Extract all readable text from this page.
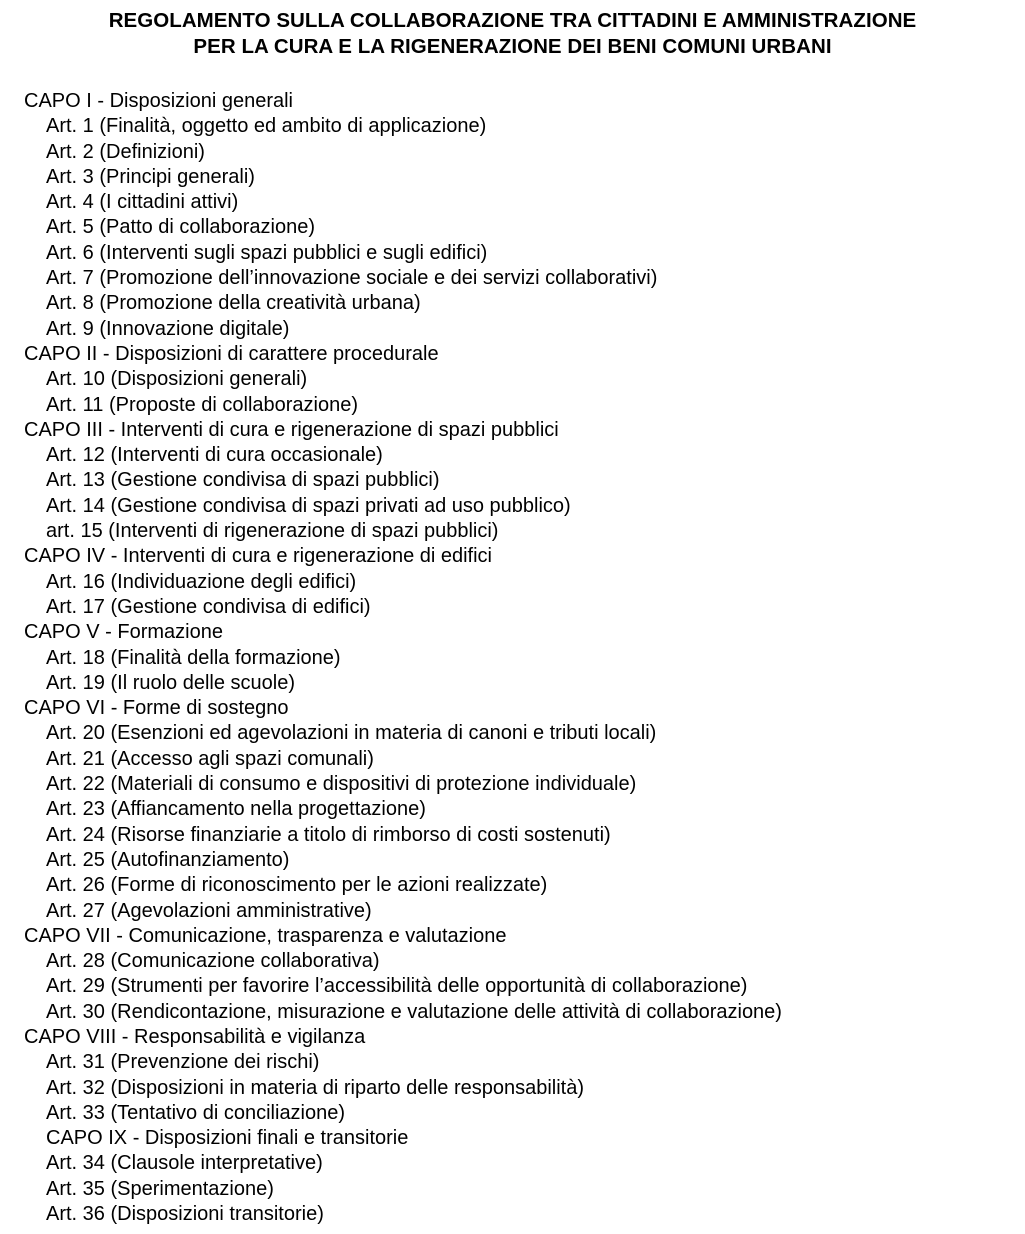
REGOLAMENTO SULLA COLLABORAZIONE TRA CITTADINI E AMMINISTRAZIONE
PER LA CURA E LA RIGENERAZIONE DEI BENI COMUNI URBANI
CAPO I - Disposizioni generali
Art. 1 (Finalità, oggetto ed ambito di applicazione)
Art. 2 (Definizioni)
Art. 3 (Principi generali)
Art. 4 (I cittadini attivi)
Art. 5 (Patto di collaborazione)
Art. 6 (Interventi sugli spazi pubblici e sugli edifici)
Art. 7 (Promozione dell’innovazione sociale e dei servizi collaborativi)
Art. 8 (Promozione della creatività urbana)
Art. 9 (Innovazione digitale)
CAPO II - Disposizioni di carattere procedurale
Art. 10 (Disposizioni generali)
Art. 11 (Proposte di collaborazione)
CAPO III - Interventi di cura e rigenerazione di spazi pubblici
Art. 12 (Interventi di cura occasionale)
Art. 13 (Gestione condivisa di spazi pubblici)
Art. 14 (Gestione condivisa di spazi privati ad uso pubblico)
art. 15 (Interventi di rigenerazione di spazi pubblici)
CAPO IV - Interventi di cura e rigenerazione di edifici
Art. 16 (Individuazione degli edifici)
Art. 17 (Gestione condivisa di edifici)
CAPO V - Formazione
Art. 18 (Finalità della formazione)
Art. 19 (Il ruolo delle scuole)
CAPO VI - Forme di sostegno
Art. 20 (Esenzioni ed agevolazioni in materia di canoni e tributi locali)
Art. 21 (Accesso agli spazi comunali)
Art. 22 (Materiali di consumo e dispositivi di protezione individuale)
Art. 23 (Affiancamento nella progettazione)
Art. 24 (Risorse finanziarie a titolo di rimborso di costi sostenuti)
Art. 25 (Autofinanziamento)
Art. 26 (Forme di riconoscimento per le azioni realizzate)
Art. 27 (Agevolazioni amministrative)
CAPO VII - Comunicazione, trasparenza e valutazione
Art. 28 (Comunicazione collaborativa)
Art. 29 (Strumenti per favorire l’accessibilità delle opportunità di collaborazione)
Art. 30 (Rendicontazione, misurazione e valutazione delle attività di collaborazione)
CAPO VIII - Responsabilità e vigilanza
Art. 31 (Prevenzione dei rischi)
Art. 32 (Disposizioni in materia di riparto delle responsabilità)
Art. 33 (Tentativo di conciliazione)
CAPO IX - Disposizioni finali e transitorie
Art. 34 (Clausole interpretative)
Art. 35 (Sperimentazione)
Art. 36 (Disposizioni transitorie)
